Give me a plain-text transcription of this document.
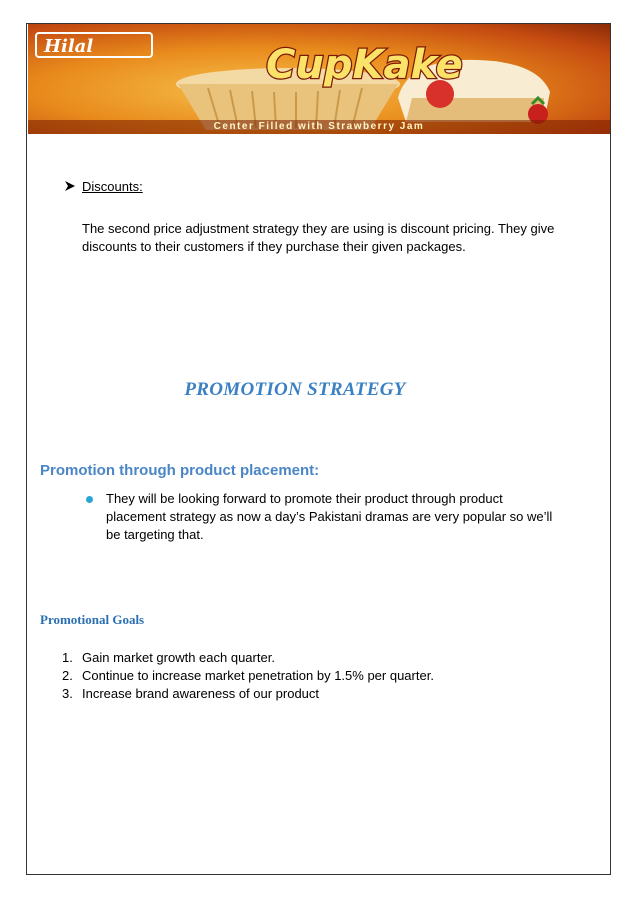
Hilal	CupKake
Center Filled with Strawberry Jam
Discounts:
The second price adjustment strategy they are using is discount pricing. They give discounts to their customers if they purchase their given packages.
PROMOTION STRATEGY
Promotion through product placement:
They will be looking forward to promote their product through product placement strategy as now a day’s Pakistani dramas are very popular so we’ll be targeting that.
Promotional Goals
1. Gain market growth each quarter.
2. Continue to increase market penetration by 1.5% per quarter.
3. Increase brand awareness of our product
